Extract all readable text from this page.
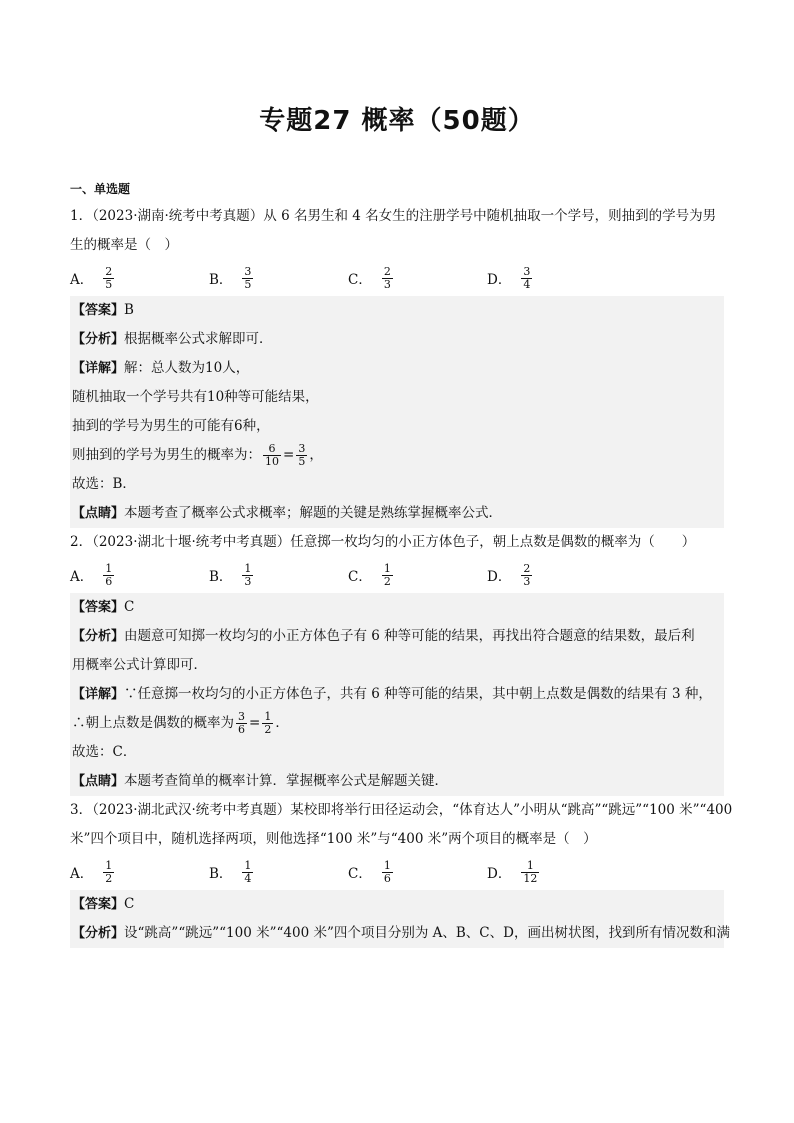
专题27 概率（50题）
一、单选题
1．（2023·湖南·统考中考真题）从 6 名男生和 4 名女生的注册学号中随机抽取一个学号，则抽到的学号为男
生的概率是（　）
A． $\frac{2}{5}$	B． $\frac{3}{5}$	C． $\frac{2}{3}$	D． $\frac{3}{4}$
【答案】B
【分析】根据概率公式求解即可．
【详解】解：总人数为10人，
随机抽取一个学号共有10种等可能结果，
抽到的学号为男生的可能有6种，
则抽到的学号为男生的概率为： $\frac{6}{10} = \frac{3}{5}$ ，
故选：B．
【点睛】本题考查了概率公式求概率；解题的关键是熟练掌握概率公式．
2．（2023·湖北十堰·统考中考真题）任意掷一枚均匀的小正方体色子，朝上点数是偶数的概率为（　　）
A． $\frac{1}{6}$	B． $\frac{1}{3}$	C． $\frac{1}{2}$	D． $\frac{2}{3}$
【答案】C
【分析】由题意可知掷一枚均匀的小正方体色子有 6 种等可能的结果，再找出符合题意的结果数，最后利
用概率公式计算即可．
【详解】∵任意掷一枚均匀的小正方体色子，共有 6 种等可能的结果，其中朝上点数是偶数的结果有 3 种，
∴朝上点数是偶数的概率为 $\frac{3}{6} = \frac{1}{2}$ ．
故选：C．
【点睛】本题考查简单的概率计算．掌握概率公式是解题关键．
3．（2023·湖北武汉·统考中考真题）某校即将举行田径运动会，“体育达人”小明从“跳高”“跳远”“100 米”“400
米”四个项目中，随机选择两项，则他选择“100 米”与“400 米”两个项目的概率是（　）
A． $\frac{1}{2}$	B． $\frac{1}{4}$	C． $\frac{1}{6}$	D． $\frac{1}{12}$
【答案】C
【分析】设“跳高”“跳远”“100 米”“400 米”四个项目分别为 A、B、C、D，画出树状图，找到所有情况数和满
